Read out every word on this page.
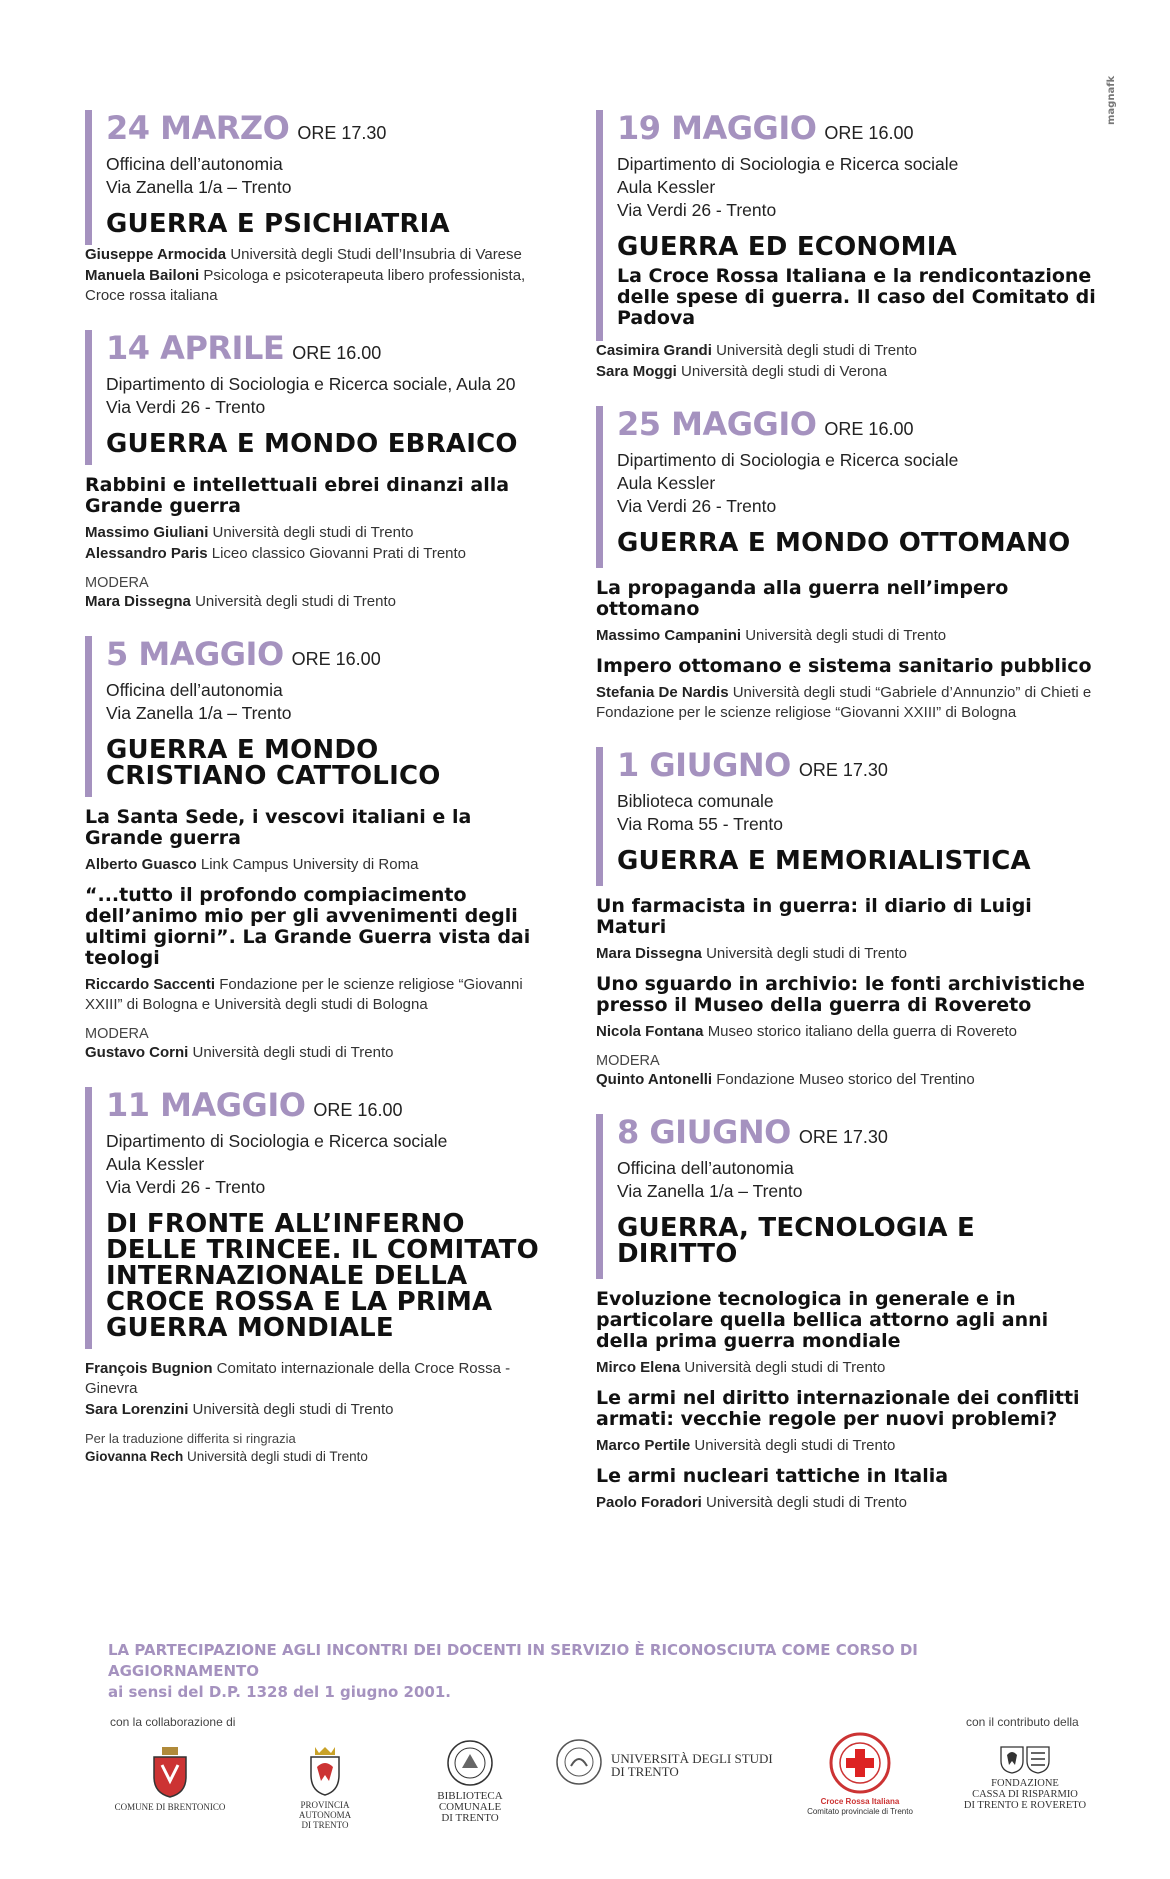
magnafk
24 MARZO ORE 17.30
Officina dell’autonomia
Via Zanella 1/a – Trento
GUERRA E PSICHIATRIA
Giuseppe Armocida Università degli Studi dell’Insubria di Varese
Manuela Bailoni Psicologa e psicoterapeuta libero professionista, Croce rossa italiana
14 APRILE ORE 16.00
Dipartimento di Sociologia e Ricerca sociale, Aula 20
Via Verdi 26 - Trento
GUERRA E MONDO EBRAICO
Rabbini e intellettuali ebrei dinanzi alla Grande guerra
Massimo Giuliani Università degli studi di Trento
Alessandro Paris Liceo classico Giovanni Prati di Trento
MODERA
Mara Dissegna Università degli studi di Trento
5 MAGGIO ORE 16.00
Officina dell’autonomia
Via Zanella 1/a – Trento
GUERRA E MONDO CRISTIANO CATTOLICO
La Santa Sede, i vescovi italiani e la Grande guerra
Alberto Guasco Link Campus University di Roma
“...tutto il profondo compiacimento dell’animo mio per gli avvenimenti degli ultimi giorni”. La Grande Guerra vista dai teologi
Riccardo Saccenti Fondazione per le scienze religiose “Giovanni XXIII” di Bologna e Università degli studi di Bologna
MODERA
Gustavo Corni Università degli studi di Trento
11 MAGGIO ORE 16.00
Dipartimento di Sociologia e Ricerca sociale
Aula Kessler
Via Verdi 26 - Trento
DI FRONTE ALL’INFERNO DELLE TRINCEE. IL COMITATO INTERNAZIONALE DELLA CROCE ROSSA E LA PRIMA GUERRA MONDIALE
François Bugnion Comitato internazionale della Croce Rossa - Ginevra
Sara Lorenzini Università degli studi di Trento
Per la traduzione differita si ringrazia
Giovanna Rech Università degli studi di Trento
19 MAGGIO ORE 16.00
Dipartimento di Sociologia e Ricerca sociale
Aula Kessler
Via Verdi 26 - Trento
GUERRA ED ECONOMIA
La Croce Rossa Italiana e la rendicontazione delle spese di guerra. Il caso del Comitato di Padova
Casimira Grandi Università degli studi di Trento
Sara Moggi Università degli studi di Verona
25 MAGGIO ORE 16.00
Dipartimento di Sociologia e Ricerca sociale
Aula Kessler
Via Verdi 26 - Trento
GUERRA E MONDO OTTOMANO
La propaganda alla guerra nell’impero ottomano
Massimo Campanini Università degli studi di Trento
Impero ottomano e sistema sanitario pubblico
Stefania De Nardis Università degli studi “Gabriele d’Annunzio” di Chieti e Fondazione per le scienze religiose “Giovanni XXIII” di Bologna
1 GIUGNO ORE 17.30
Biblioteca comunale
Via Roma 55 - Trento
GUERRA E MEMORIALISTICA
Un farmacista in guerra: il diario di Luigi Maturi
Mara Dissegna Università degli studi di Trento
Uno sguardo in archivio: le fonti archivistiche presso il Museo della guerra di Rovereto
Nicola Fontana Museo storico italiano della guerra di Rovereto
MODERA
Quinto Antonelli Fondazione Museo storico del Trentino
8 GIUGNO ORE 17.30
Officina dell’autonomia
Via Zanella 1/a – Trento
GUERRA, TECNOLOGIA E DIRITTO
Evoluzione tecnologica in generale e in particolare quella bellica attorno agli anni della prima guerra mondiale
Mirco Elena Università degli studi di Trento
Le armi nel diritto internazionale dei conflitti armati: vecchie regole per nuovi problemi?
Marco Pertile Università degli studi di Trento
Le armi nucleari tattiche in Italia
Paolo Foradori Università degli studi di Trento
LA PARTECIPAZIONE AGLI INCONTRI DEI DOCENTI IN SERVIZIO È RICONOSCIUTA COME CORSO DI AGGIORNAMENTO
ai sensi del D.P. 1328 del 1 giugno 2001.
con la collaborazione di	con il contributo della
COMUNE DI BRENTONICO	PROVINCIA AUTONOMA
DI TRENTO
BIBLIOTECA
COMUNALE
DI TRENTO
UNIVERSITÀ DEGLI STUDI
DI TRENTO
Croce Rossa Italiana
Comitato provinciale di Trento
FONDAZIONE
CASSA DI RISPARMIO
DI TRENTO E ROVERETO
